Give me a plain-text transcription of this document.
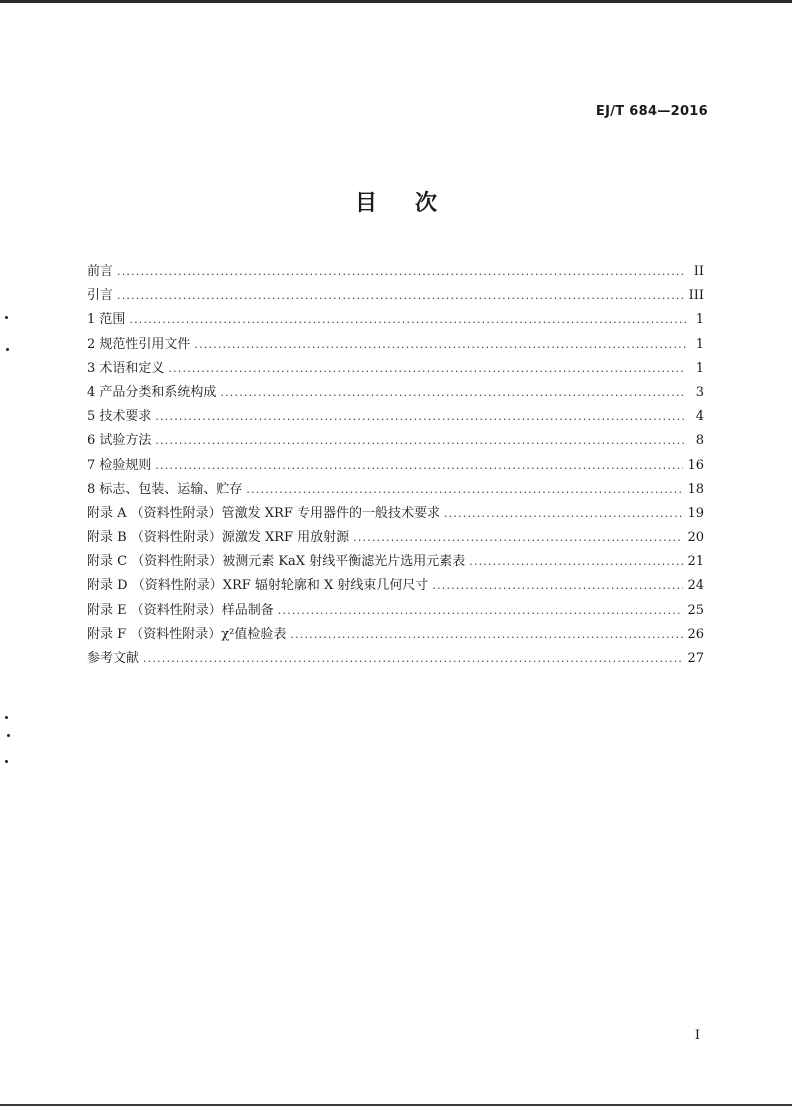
EJ/T 684—2016
目次
前言 .....	II
引言 .....	III
1 范围 .....	1
2 规范性引用文件 .....	1
3 术语和定义 .....	1
4 产品分类和系统构成 .....	3
5 技术要求 .....	4
6 试验方法 .....	8
7 检验规则 .....	16
8 标志、包装、运输、贮存 .....	18
附录 A （资料性附录）管激发 XRF 专用器件的一般技术要求 .....	19
附录 B （资料性附录）源激发 XRF 用放射源 .....	20
附录 C （资料性附录）被测元素 KaX 射线平衡滤光片选用元素表 .....	21
附录 D （资料性附录）XRF 辐射轮廓和 X 射线束几何尺寸 .....	24
附录 E （资料性附录）样品制备 .....	25
附录 F （资料性附录）χ²值检验表 .....	26
参考文献 .....	27
I
